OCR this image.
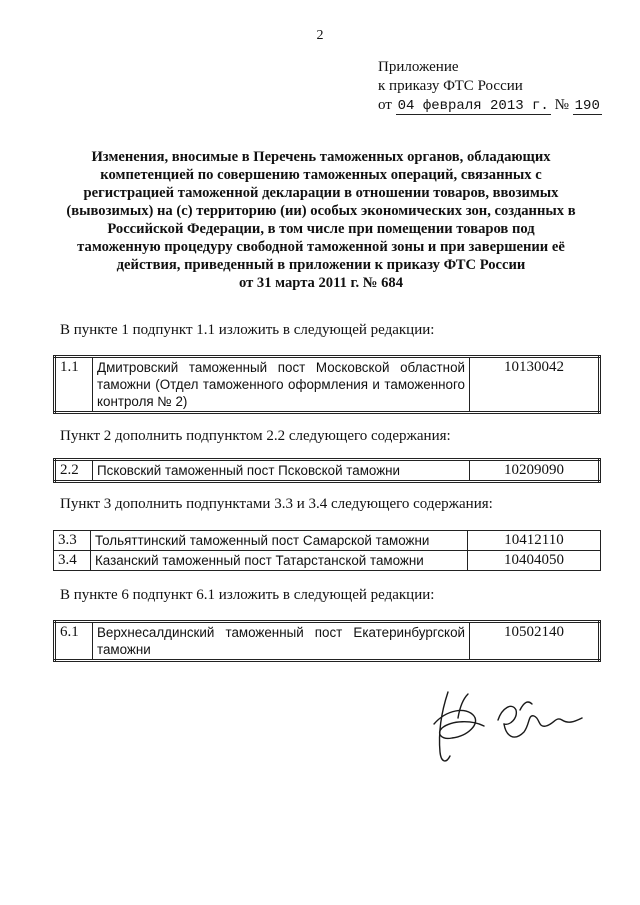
2
Приложение
к приказу ФТС России
от 04 февраля 2013 г. № 190
Изменения, вносимые в Перечень таможенных органов, обладающих
компетенцией по совершению таможенных операций, связанных с
регистрацией таможенной декларации в отношении товаров, ввозимых
(вывозимых) на (с) территорию (ии) особых экономических зон, созданных в
Российской Федерации, в том числе при помещении товаров под
таможенную процедуру свободной таможенной зоны и при завершении её
действия, приведенный в приложении к приказу ФТС России
от 31 марта 2011 г. № 684
В пункте 1 подпункт 1.1 изложить в следующей редакции:
1.1	Дмитровский таможенный пост Московской областной таможни (Отдел таможенного оформления и таможенного контроля № 2)	10130042
Пункт 2 дополнить подпунктом 2.2 следующего содержания:
2.2	Псковский таможенный пост Псковской таможни	10209090
Пункт 3 дополнить подпунктами 3.3 и 3.4 следующего содержания:
3.3	Тольяттинский таможенный пост Самарской таможни	10412110
3.4	Казанский таможенный пост Татарстанской таможни	10404050
В пункте 6 подпункт 6.1 изложить в следующей редакции:
6.1	Верхнесалдинский таможенный пост Екатеринбургской таможни	10502140
